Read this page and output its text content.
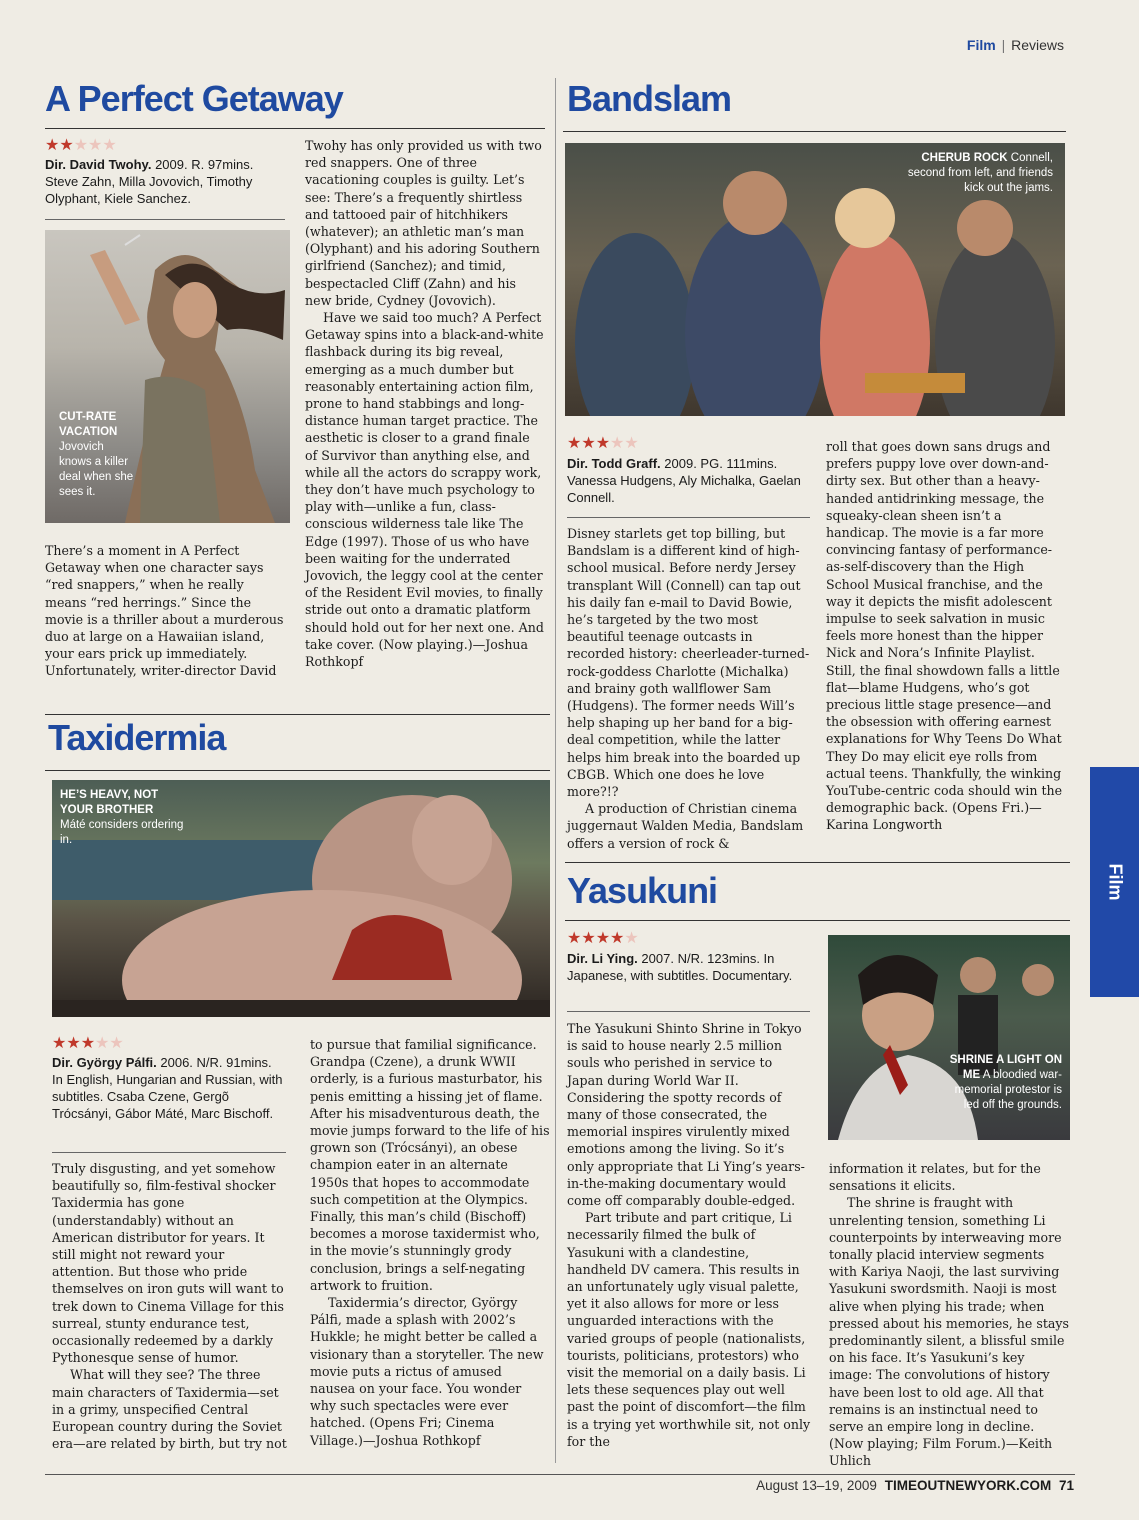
Film | Reviews
A Perfect Getaway
★★★★★
Dir. David Twohy. 2009. R. 97mins. Steve Zahn, Milla Jovovich, Timothy Olyphant, Kiele Sanchez.
CUT-RATE VACATION Jovovich knows a killer deal when she sees it.

There’s a moment in A Perfect Getaway when one character says “red snappers,” when he really means “red herrings.” Since the movie is a thriller about a murderous duo at large on a Hawaiian island, your ears prick up immediately. Unfortunately, writer-director David

Twohy has only provided us with two red snappers. One of three vacationing couples is guilty. Let’s see: There’s a frequently shirtless and tattooed pair of hitchhikers (whatever); an athletic man’s man (Olyphant) and his adoring Southern girlfriend (Sanchez); and timid, bespectacled Cliff (Zahn) and his new bride, Cydney (Jovovich).

Have we said too much? A Perfect Getaway spins into a black-and-white flashback during its big reveal, emerging as a much dumber but reasonably entertaining action film, prone to hand stabbings and long-distance human target practice. The aesthetic is closer to a grand finale of Survivor than anything else, and while all the actors do scrappy work, they don’t have much psychology to play with—unlike a fun, class-conscious wilderness tale like The Edge (1997). Those of us who have been waiting for the underrated Jovovich, the leggy cool at the center of the Resident Evil movies, to finally stride out onto a dramatic platform should hold out for her next one. And take cover. (Now playing.)—Joshua Rothkopf

Taxidermia
HE’S HEAVY, NOT YOUR BROTHER
Máté considers ordering in.
★★★★★
Dir. György Pálfi. 2006. N/R. 91mins. In English, Hungarian and Russian, with subtitles. Csaba Czene, Gergõ Trócsányi, Gábor Máté, Marc Bischoff.

Truly disgusting, and yet somehow beautifully so, film-festival shocker Taxidermia has gone (understandably) without an American distributor for years. It still might not reward your attention. But those who pride themselves on iron guts will want to trek down to Cinema Village for this surreal, stunty endurance test, occasionally redeemed by a darkly Pythonesque sense of humor.

What will they see? The three main characters of Taxidermia—set in a grimy, unspecified Central European country during the Soviet era—are related by birth, but try not

to pursue that familial significance. Grandpa (Czene), a drunk WWII orderly, is a furious masturbator, his penis emitting a hissing jet of flame. After his misadventurous death, the movie jumps forward to the life of his grown son (Trócsányi), an obese champion eater in an alternate 1950s that hopes to accommodate such competition at the Olympics. Finally, this man’s child (Bischoff) becomes a morose taxidermist who, in the movie’s stunningly grody conclusion, brings a self-negating artwork to fruition.

Taxidermia’s director, György Pálfi, made a splash with 2002’s Hukkle; he might better be called a visionary than a storyteller. The new movie puts a rictus of amused nausea on your face. You wonder why such spectacles were ever hatched. (Opens Fri; Cinema Village.)—Joshua Rothkopf

Bandslam
CHERUB ROCK Connell, second from left, and friends kick out the jams.
★★★★★
Dir. Todd Graff. 2009. PG. 111mins. Vanessa Hudgens, Aly Michalka, Gaelan Connell.

Disney starlets get top billing, but Bandslam is a different kind of high-school musical. Before nerdy Jersey transplant Will (Connell) can tap out his daily fan e-mail to David Bowie, he’s targeted by the two most beautiful teenage outcasts in recorded history: cheerleader-turned-rock-goddess Charlotte (Michalka) and brainy goth wallflower Sam (Hudgens). The former needs Will’s help shaping up her band for a big-deal competition, while the latter helps him break into the boarded up CBGB. Which one does he love more?!?

A production of Christian cinema juggernaut Walden Media, Bandslam offers a version of rock &

roll that goes down sans drugs and prefers puppy love over down-and-dirty sex. But other than a heavy-handed antidrinking message, the squeaky-clean sheen isn’t a handicap. The movie is a far more convincing fantasy of performance-as-self-discovery than the High School Musical franchise, and the way it depicts the misfit adolescent impulse to seek salvation in music feels more honest than the hipper Nick and Nora’s Infinite Playlist. Still, the final showdown falls a little flat—blame Hudgens, who’s got precious little stage presence—and the obsession with offering earnest explanations for Why Teens Do What They Do may elicit eye rolls from actual teens. Thankfully, the winking YouTube-centric coda should win the demographic back. (Opens Fri.)—Karina Longworth

Yasukuni
★★★★★
Dir. Li Ying. 2007. N/R. 123mins. In Japanese, with subtitles. Documentary.
SHRINE A LIGHT ON ME A bloodied war-memorial protestor is led off the grounds.

The Yasukuni Shinto Shrine in Tokyo is said to house nearly 2.5 million souls who perished in service to Japan during World War II. Considering the spotty records of many of those consecrated, the memorial inspires virulently mixed emotions among the living. So it’s only appropriate that Li Ying’s years-in-the-making documentary would come off comparably double-edged.

Part tribute and part critique, Li necessarily filmed the bulk of Yasukuni with a clandestine, handheld DV camera. This results in an unfortunately ugly visual palette, yet it also allows for more or less unguarded interactions with the varied groups of people (nationalists, tourists, politicians, protestors) who visit the memorial on a daily basis. Li lets these sequences play out well past the point of discomfort—the film is a trying yet worthwhile sit, not only for the

information it relates, but for the sensations it elicits.

The shrine is fraught with unrelenting tension, something Li counterpoints by interweaving more tonally placid interview segments with Kariya Naoji, the last surviving Yasukuni swordsmith. Naoji is most alive when plying his trade; when pressed about his memories, he stays predominantly silent, a blissful smile on his face. It’s Yasukuni’s key image: The convolutions of history have been lost to old age. All that remains is an instinctual need to serve an empire long in decline. (Now playing; Film Forum.)—Keith Uhlich

Film
August 13–19, 2009 TIMEOUTNEWYORK.COM 71
